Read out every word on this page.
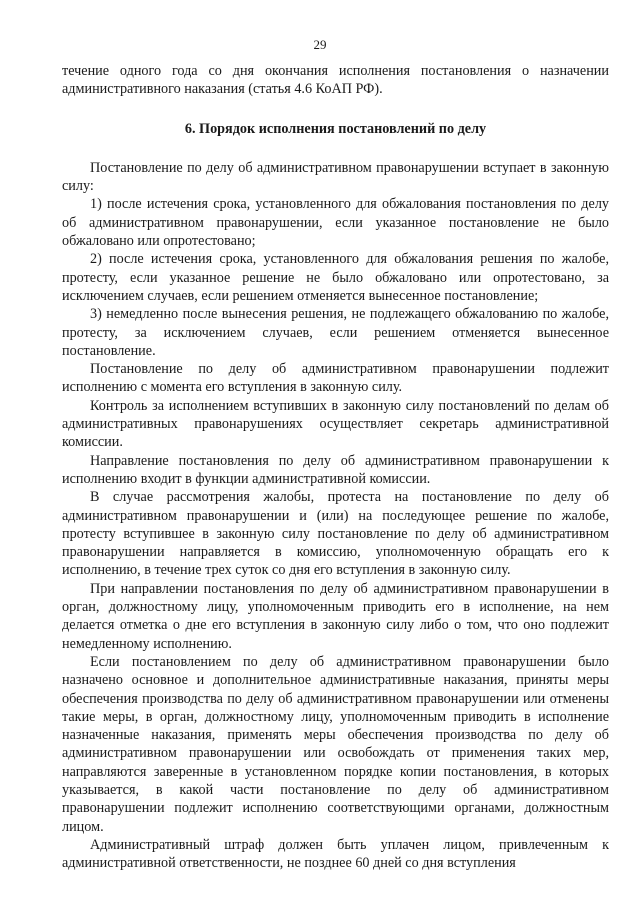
29

течение одного года со дня окончания исполнения постановления о назначении административного наказания (статья 4.6 КоАП РФ).

6. Порядок исполнения постановлений по делу

Постановление по делу об административном правонарушении вступает в законную силу:

1) после истечения срока, установленного для обжалования постановления по делу об административном правонарушении, если указанное постановление не было обжаловано или опротестовано;

2) после истечения срока, установленного для обжалования решения по жалобе, протесту, если указанное решение не было обжаловано или опротестовано, за исключением случаев, если решением отменяется вынесенное постановление;

3) немедленно после вынесения решения, не подлежащего обжалованию по жалобе, протесту, за исключением случаев, если решением отменяется вынесенное постановление.

Постановление по делу об административном правонарушении подлежит исполнению с момента его вступления в законную силу.

Контроль за исполнением вступивших в законную силу постановлений по делам об административных правонарушениях осуществляет секретарь административной комиссии.

Направление постановления по делу об административном правонарушении к исполнению входит в функции административной комиссии.

В случае рассмотрения жалобы, протеста на постановление по делу об административном правонарушении и (или) на последующее решение по жалобе, протесту вступившее в законную силу постановление по делу об административном правонарушении направляется в комиссию, уполномоченную обращать его к исполнению, в течение трех суток со дня его вступления в законную силу.

При направлении постановления по делу об административном правонарушении в орган, должностному лицу, уполномоченным приводить его в исполнение, на нем делается отметка о дне его вступления в законную силу либо о том, что оно подлежит немедленному исполнению.

Если постановлением по делу об административном правонарушении было назначено основное и дополнительное административные наказания, приняты меры обеспечения производства по делу об административном правонарушении или отменены такие меры, в орган, должностному лицу, уполномоченным приводить в исполнение назначенные наказания, применять меры обеспечения производства по делу об административном правонарушении или освобождать от применения таких мер, направляются заверенные в установленном порядке копии постановления, в которых указывается, в какой части постановление по делу об административном правонарушении подлежит исполнению соответствующими органами, должностным лицом.

Административный штраф должен быть уплачен лицом, привлеченным к административной ответственности, не позднее 60 дней со дня вступления
